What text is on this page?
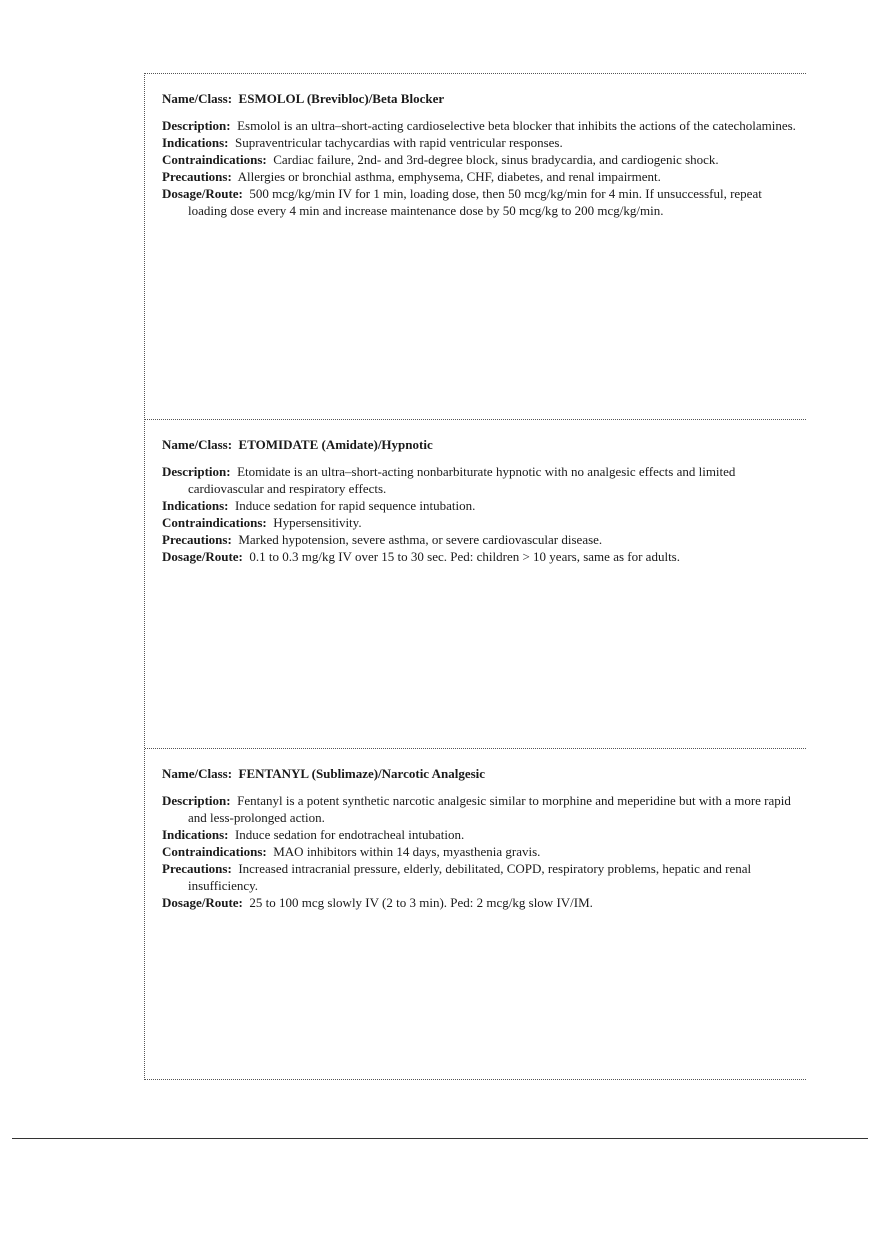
Name/Class: ESMOLOL (Brevibloc)/Beta Blocker

Description: Esmolol is an ultra–short-acting cardioselective beta blocker that inhibits the actions of the catecholamines.

Indications: Supraventricular tachycardias with rapid ventricular responses.

Contraindications: Cardiac failure, 2nd- and 3rd-degree block, sinus bradycardia, and cardiogenic shock.

Precautions: Allergies or bronchial asthma, emphysema, CHF, diabetes, and renal impairment.

Dosage/Route: 500 mcg/kg/min IV for 1 min, loading dose, then 50 mcg/kg/min for 4 min. If unsuccessful, repeat loading dose every 4 min and increase maintenance dose by 50 mcg/kg to 200 mcg/kg/min.

Name/Class: ETOMIDATE (Amidate)/Hypnotic

Description: Etomidate is an ultra–short-acting nonbarbiturate hypnotic with no analgesic effects and limited cardiovascular and respiratory effects.

Indications: Induce sedation for rapid sequence intubation.

Contraindications: Hypersensitivity.

Precautions: Marked hypotension, severe asthma, or severe cardiovascular disease.

Dosage/Route: 0.1 to 0.3 mg/kg IV over 15 to 30 sec. Ped: children > 10 years, same as for adults.

Name/Class: FENTANYL (Sublimaze)/Narcotic Analgesic

Description: Fentanyl is a potent synthetic narcotic analgesic similar to morphine and meperidine but with a more rapid and less-prolonged action.

Indications: Induce sedation for endotracheal intubation.

Contraindications: MAO inhibitors within 14 days, myasthenia gravis.

Precautions: Increased intracranial pressure, elderly, debilitated, COPD, respiratory problems, hepatic and renal insufficiency.

Dosage/Route: 25 to 100 mcg slowly IV (2 to 3 min). Ped: 2 mcg/kg slow IV/IM.
